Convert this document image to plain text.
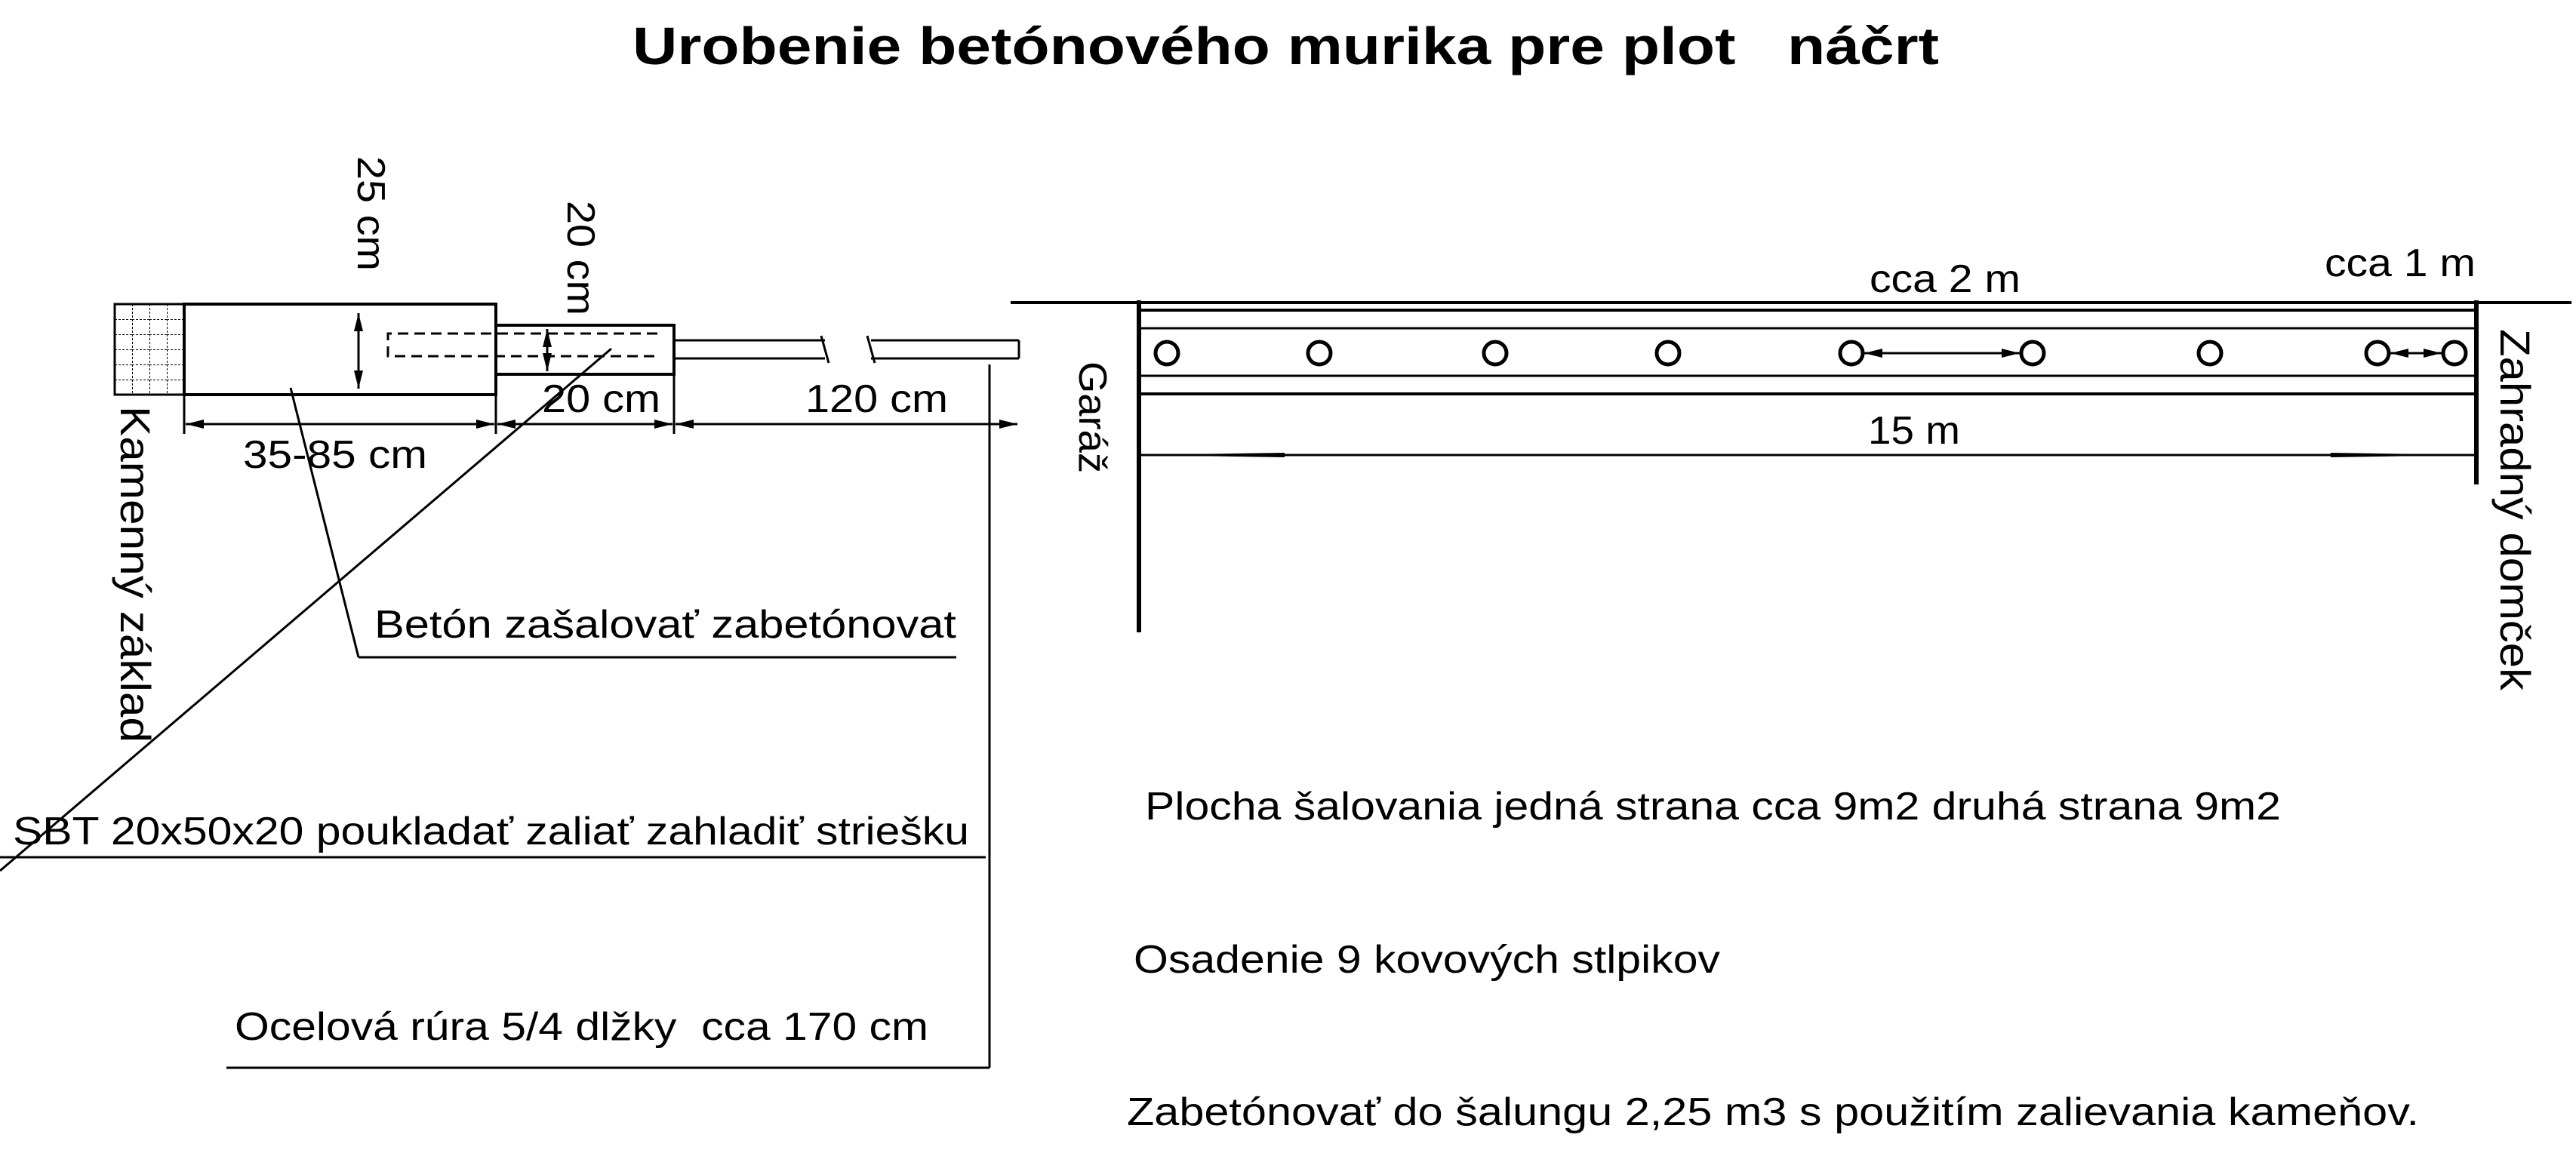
Urobenie betónového murika pre plot   náčrt
25 cm	20 cm
35-85 cm
20 cm	120 cm
Kamenný základ	Betón zašalovať zabetónovat
SBT 20x50x20 poukladať zaliať zahladiť striešku
Ocelová rúra 5/4 dlžky  cca 170 cm
cca 2 m	cca 1 m
15 m
Garáž	Zahradný domček
Plocha šalovania jedná strana cca 9m2 druhá strana 9m2
Osadenie 9 kovových stlpikov
Zabetónovať do šalungu 2,25 m3 s použitím zalievania kameňov.
